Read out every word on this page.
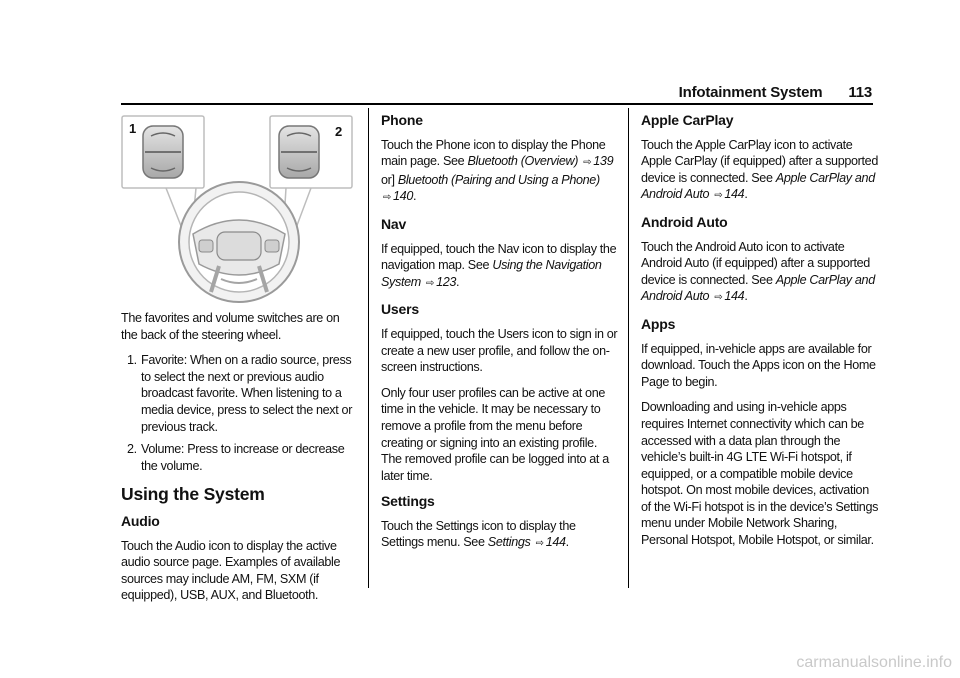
Infotainment System 113
1	2

The favorites and volume switches are on the back of the steering wheel.

1. Favorite: When on a radio source, press to select the next or previous audio broadcast favorite. When listening to a media device, press to select the next or previous track.
2. Volume: Press to increase or decrease the volume.
Using the System
Audio

Touch the Audio icon to display the active audio source page. Examples of available sources may include AM, FM, SXM (if equipped), USB, AUX, and Bluetooth.

Phone

Touch the Phone icon to display the Phone main page. See Bluetooth (Overview) ⇨ 139 or] Bluetooth (Pairing and Using a Phone) ⇨ 140.

Nav

If equipped, touch the Nav icon to display the navigation map. See Using the Navigation System ⇨ 123.

Users

If equipped, touch the Users icon to sign in or create a new user profile, and follow the on-screen instructions.

Only four user profiles can be active at one time in the vehicle. It may be necessary to remove a profile from the menu before creating or signing into an existing profile. The removed profile can be logged into at a later time.

Settings

Touch the Settings icon to display the Settings menu. See Settings ⇨ 144.

Apple CarPlay

Touch the Apple CarPlay icon to activate Apple CarPlay (if equipped) after a supported device is connected. See Apple CarPlay and Android Auto ⇨ 144.

Android Auto

Touch the Android Auto icon to activate Android Auto (if equipped) after a supported device is connected. See Apple CarPlay and Android Auto ⇨ 144.

Apps

If equipped, in-vehicle apps are available for download. Touch the Apps icon on the Home Page to begin.

Downloading and using in-vehicle apps requires Internet connectivity which can be accessed with a data plan through the vehicle’s built-in 4G LTE Wi-Fi hotspot, if equipped, or a compatible mobile device hotspot. On most mobile devices, activation of the Wi-Fi hotspot is in the device’s Settings menu under Mobile Network Sharing, Personal Hotspot, Mobile Hotspot, or similar.

carmanualsonline.info
